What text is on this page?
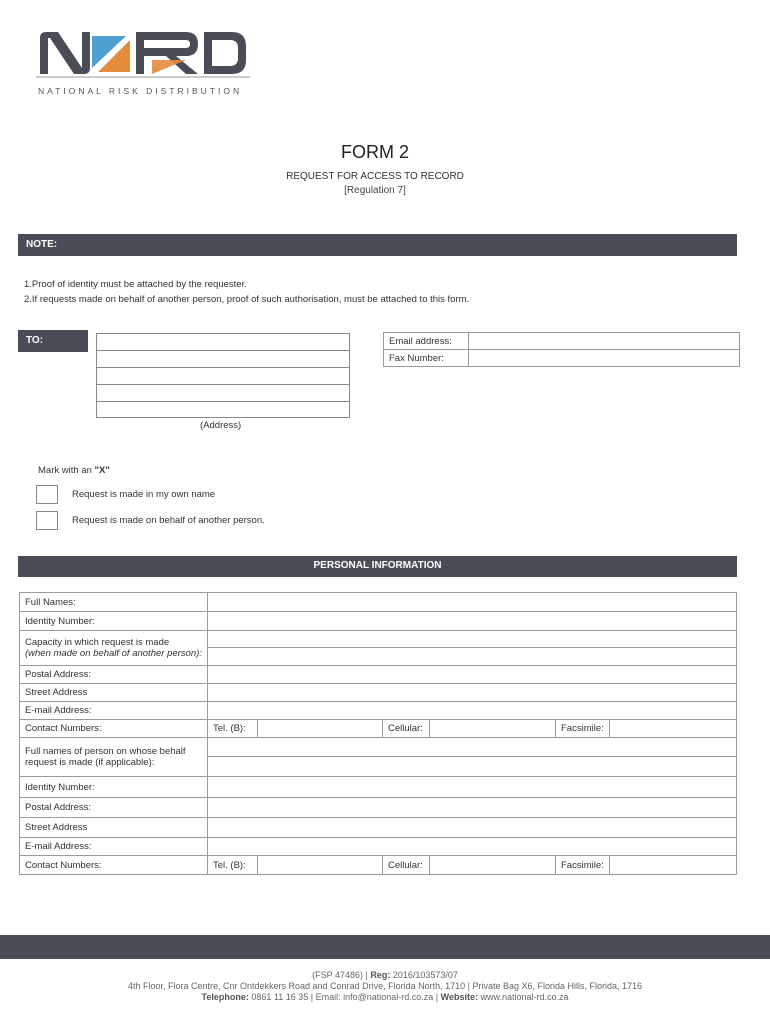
NATIONAL RISK DISTRIBUTION
FORM 2
REQUEST FOR ACCESS TO RECORD
[Regulation 7]
NOTE:
1.Proof of identity must be attached by the requester.
2.If requests made on behalf of another person, proof of such authorisation, must be attached to this form.
TO:
(Address)
Email address:	
Fax Number:	
Mark with an "X"
Request is made in my own name
Request is made on behalf of another person.
PERSONAL INFORMATION
Full Names:						
Identity Number:						
Capacity in which request is made
(when made on behalf of another person):						

Postal Address:						
Street Address						
E-mail Address:						
Contact Numbers:	Tel. (B):		Cellular:		Facsimile:	
Full names of person on whose behalf request is made (if applicable):						

Identity Number:						
Postal Address:						
Street Address						
E-mail Address:						
Contact Numbers:	Tel. (B):		Cellular:		Facsimile:	
(FSP 47486) | Reg: 2016/103573/07
4th Floor, Flora Centre, Cnr Ontdekkers Road and Conrad Drive, Florida North, 1710 | Private Bag X6, Florida Hills, Florida, 1716
Telephone: 0861 11 16 35 | Email: info@national-rd.co.za | Website: www.national-rd.co.za
